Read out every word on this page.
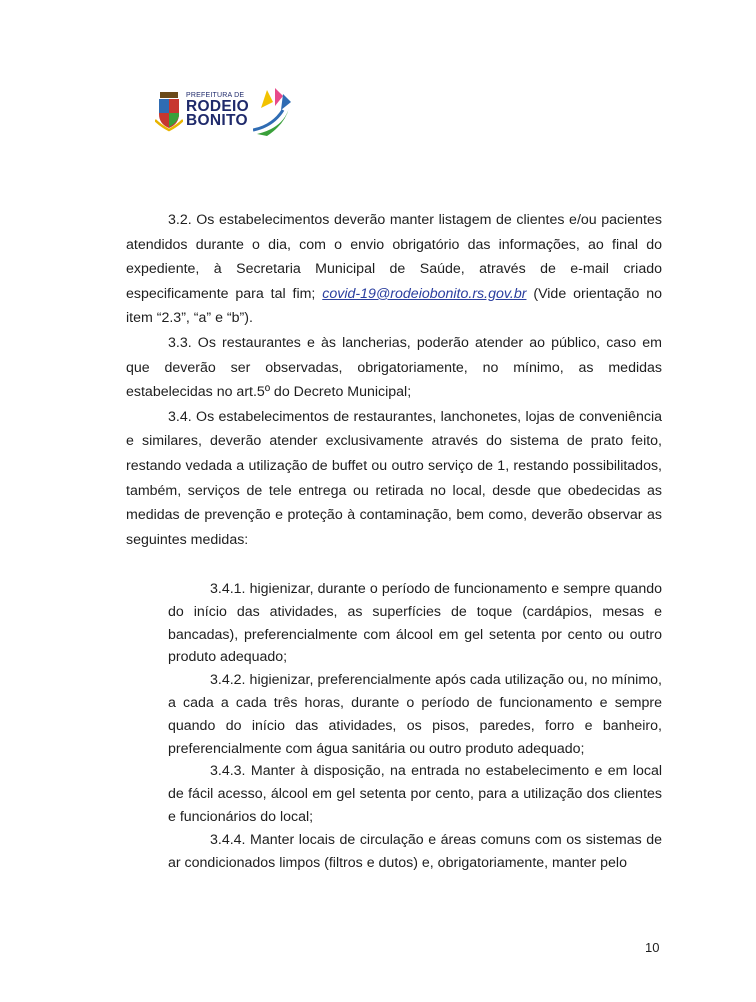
PREFEITURA DE
RODEIO
BONITO

3.2. Os estabelecimentos deverão manter listagem de clientes e/ou pacientes atendidos durante o dia, com o envio obrigatório das informações, ao final do expediente, à Secretaria Municipal de Saúde, através de e-mail criado especificamente para tal fim; covid-19@rodeiobonito.rs.gov.br (Vide orientação no item “2.3”, “a” e “b”).

3.3. Os restaurantes e às lancherias, poderão atender ao público, caso em que deverão ser observadas, obrigatoriamente, no mínimo, as medidas estabelecidas no art.5º do Decreto Municipal;

3.4. Os estabelecimentos de restaurantes, lanchonetes, lojas de conveniência e similares, deverão atender exclusivamente através do sistema de prato feito, restando vedada a utilização de buffet ou outro serviço de 1, restando possibilitados, também, serviços de tele entrega ou retirada no local, desde que obedecidas as medidas de prevenção e proteção à contaminação, bem como, deverão observar as seguintes medidas:

3.4.1. higienizar, durante o período de funcionamento e sempre quando do início das atividades, as superfícies de toque (cardápios, mesas e bancadas), preferencialmente com álcool em gel setenta por cento ou outro produto adequado;

3.4.2. higienizar, preferencialmente após cada utilização ou, no mínimo, a cada a cada três horas, durante o período de funcionamento e sempre quando do início das atividades, os pisos, paredes, forro e banheiro, preferencialmente com água sanitária ou outro produto adequado;

3.4.3. Manter à disposição, na entrada no estabelecimento e em local de fácil acesso, álcool em gel setenta por cento, para a utilização dos clientes e funcionários do local;

3.4.4. Manter locais de circulação e áreas comuns com os sistemas de ar condicionados limpos (filtros e dutos) e, obrigatoriamente, manter pelo

10
